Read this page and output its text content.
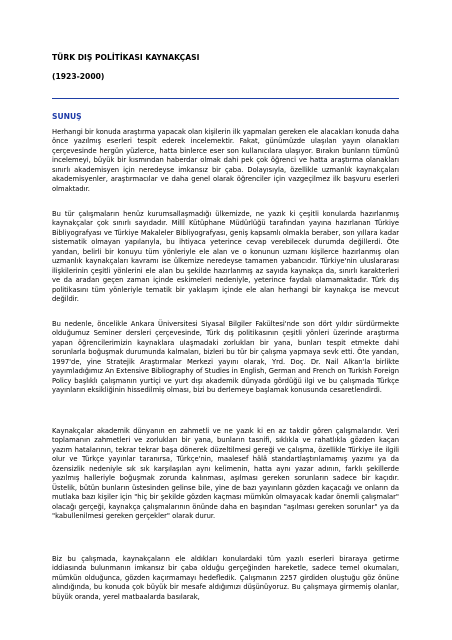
TÜRK DIŞ POLİTİKASI KAYNAKÇASI
(1923-2000)
SUNUŞ

Herhangi bir konuda araştırma yapacak olan kişilerin ilk yapmaları gereken ele alacakları konuda daha önce yazılmış eserleri tespit ederek incelemektir. Fakat, günümüzde ulaşılan yayın olanakları çerçevesinde hergün yüzlerce, hatta binlerce eser son kullanıcılara ulaşıyor. Bırakın bunların tümünü incelemeyi, büyük bir kısmından haberdar olmak dahi pek çok öğrenci ve hatta araştırma olanakları sınırlı akademisyen için neredeyse imkansız bir çaba. Dolayısıyla, özellikle uzmanlık kaynakçaları akademisyenler, araştırmacılar ve daha genel olarak öğrenciler için vazgeçilmez ilk başvuru eserleri olmaktadır.

Bu tür çalışmaların henüz kurumsallaşmadığı ülkemizde, ne yazık ki çeşitli konularda hazırlanmış kaynakçalar çok sınırlı sayıdadır. Millî Kütüphane Müdürlüğü tarafından yayına hazırlanan Türkiye Bibliyografyası ve Türkiye Makaleler Bibliyografyası, geniş kapsamlı olmakla beraber, son yıllara kadar sistematik olmayan yapılarıyla, bu ihtiyaca yeterince cevap verebilecek durumda değillerdi. Öte yandan, belirli bir konuyu tüm yönleriyle ele alan ve o konunun uzmanı kişilerce hazırlanmış olan uzmanlık kaynakçaları kavramı ise ülkemize neredeyse tamamen yabancıdır. Türkiye'nin uluslararası ilişkilerinin çeşitli yönlerini ele alan bu şekilde hazırlanmış az sayıda kaynakça da, sınırlı karakterleri ve da aradan geçen zaman içinde eskimeleri nedeniyle, yeterince faydalı olamamaktadır. Türk dış politikasını tüm yönleriyle tematik bir yaklaşım içinde ele alan herhangi bir kaynakça ise mevcut değildir.

Bu nedenle, öncelikle Ankara Üniversitesi Siyasal Bilgiler Fakültesi'nde son dört yıldır sürdürmekte olduğumuz Seminer dersleri çerçevesinde, Türk dış politikasının çeşitli yönleri üzerinde araştırma yapan öğrencilerimizin kaynaklara ulaşmadaki zorlukları bir yana, bunları tespit etmekte dahi sorunlarla boğuşmak durumunda kalmaları, bizleri bu tür bir çalışma yapmaya sevk etti. Öte yandan, 1997'de, yine Stratejik Araştırmalar Merkezi yayını olarak, Yrd. Doç. Dr. Nail Alkan'la birlikte yayımladığımız An Extensive Bibliography of Studies in English, German and French on Turkish Foreign Policy başlıklı çalışmanın yurtiçi ve yurt dışı akademik dünyada gördüğü ilgi ve bu çalışmada Türkçe yayınların eksikliğinin hissedilmiş olması, bizi bu derlemeye başlamak konusunda cesaretlendirdi.

Kaynakçalar akademik dünyanın en zahmetli ve ne yazık ki en az takdir gören çalışmalarıdır. Veri toplamanın zahmetleri ve zorlukları bir yana, bunların tasnifi, sıklıkla ve rahatlıkla gözden kaçan yazım hatalarının, tekrar tekrar başa dönerek düzeltilmesi gereği ve çalışma, özellikle Türkiye ile ilgili olur ve Türkçe yayınlar taranırsa, Türkçe'nin, maalesef hâlâ standartlaştırılamamış yazımı ya da özensizlik nedeniyle sık sık karşılaşılan aynı kelimenin, hatta aynı yazar adının, farklı şekillerde yazılmış halleriyle boğuşmak zorunda kalınması, aşılması gereken sorunların sadece bir kaçıdır. Üstelik, bütün bunların üstesinden gelinse bile, yine de bazı yayınların gözden kaçacağı ve onların da mutlaka bazı kişiler için "hiç bir şekilde gözden kaçması mümkün olmayacak kadar önemli çalışmalar" olacağı gerçeği, kaynakça çalışmalarının önünde daha en başından "aşılması gereken sorunlar" ya da "kabullenilmesi gereken gerçekler" olarak durur.

Biz bu çalışmada, kaynakçaların ele aldıkları konulardaki tüm yazılı eserleri biraraya getirme iddiasında bulunmanın imkansız bir çaba olduğu gerçeğinden hareketle, sadece temel okumaları, mümkün olduğunca, gözden kaçırmamayı hedefledik. Çalışmanın 2257 girdiden oluştuğu göz önüne alındığında, bu konuda çok büyük bir mesafe aldığımızı düşünüyoruz. Bu çalışmaya girmemiş olanlar, büyük oranda, yerel matbaalarda basılarak,
